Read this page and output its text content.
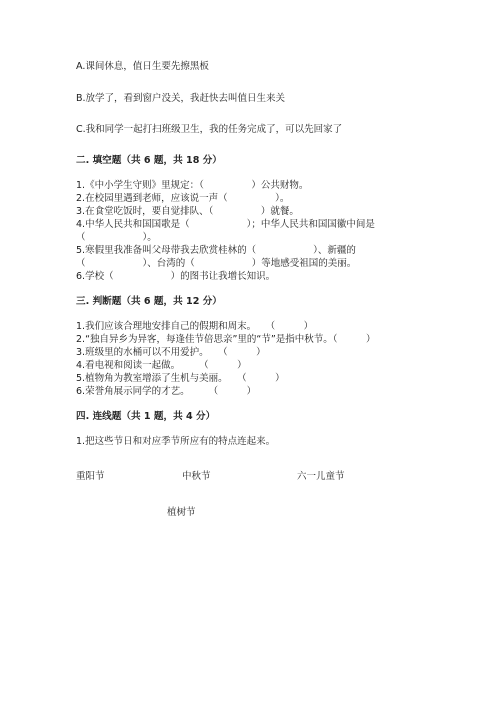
A.课间休息，值日生要先擦黑板
B.放学了，看到窗户没关，我赶快去叫值日生来关
C.我和同学一起打扫班级卫生，我的任务完成了，可以先回家了
二. 填空题（共 6 题，共 18 分）
1.《中小学生守则》里规定：（　　　　　）公共财物。
2.在校园里遇到老师，应该说一声（　　　　　）。
3.在食堂吃饭时，要自觉排队、（　　　　　）就餐。
4.中华人民共和国国歌是（　　　　　　）；中华人民共和国国徽中间是
（　　　　　　）。
5.寒假里我准备叫父母带我去欣赏桂林的（　　　　　　）、新疆的
（　　　　　　）、台湾的（　　　　　　）等地感受祖国的美丽。
6.学校（　　　　　　）的图书让我增长知识。
三. 判断题（共 6 题，共 12 分）
1.我们应该合理地安排自己的假期和周末。　　（　　　）
2.“独自异乡为异客，每逢佳节倍思亲”里的“节”是指中秋节。（　　　）
3.班级里的水桶可以不用爱护。　　（　　　）
4.看电视和阅读一起做。　　　（　　　）
5.植物角为教室增添了生机与美丽。　　（　　　）
6.荣誉角展示同学的才艺。　　　（　　　）
四. 连线题（共 1 题，共 4 分）
1.把这些节日和对应季节所应有的特点连起来。
重阳节	中秋节	六一儿童节
植树节
